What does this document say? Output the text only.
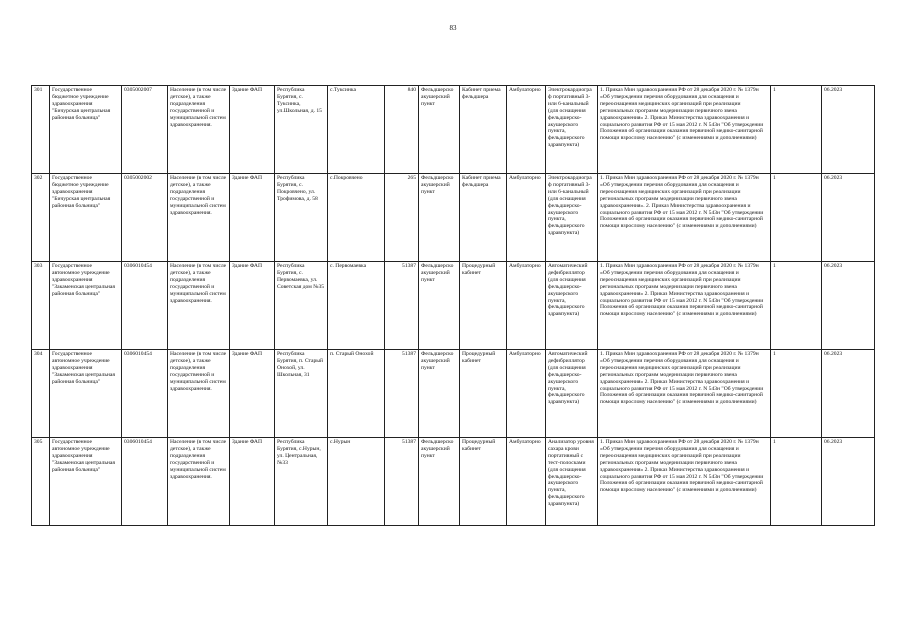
83
301	Государственное бюджетное учреждение здравоохранения "Бичурская центральная районная больница"	0305002007	Население (в том числе детское), а также подразделения государственной и муниципальной систем здравоохранения.	Здание ФАП	Республика Бурятия, с. Туксинка, ул.Школьная, д. 15	с.Туксинка	840	Фельдшерско акушерский пункт	Кабинет приема фельдшера	Амбулаторно	Электрокардиограф портативный 3- или 6-канальный (для оснащения фельдшерско-акушерского пункта, фельдшерского здравпункта)	1. Приказ Мин здравоохранения РФ от 28 декабря 2020 г. № 1379н «Об утверждении перечня оборудования для оснащения и переоснащения медицинских организаций при реализации региональных программ модернизации первичного звена здравоохранения» 2. Приказ Министерства здравоохранения и социального развития РФ от 15 мая 2012 г. N 543н "Об утверждении Положения об организации оказания первичной медико-санитарной помощи взрослому населению" (с изменениями и дополнениями)	1	06.2023
302	Государственное бюджетное учреждение здравоохранения "Бичурская центральная районная больница"	0305002002	Население (в том числе детское), а также подразделения государственной и муниципальной систем здравоохранения.	Здание ФАП	Республика Бурятия, с. Покровчено, ул. Трофимова, д. 58	с.Покровчено	265	Фельдшерско акушерский пункт	Кабинет приема фельдшера	Амбулаторно	Электрокардиограф портативный 3- или 6-канальный (для оснащения фельдшерско-акушерского пункта, фельдшерского здравпункта)	1. Приказ Мин здравоохранения РФ от 28 декабря 2020 г. № 1379н «Об утверждении перечня оборудования для оснащения и переоснащения медицинских организаций при реализации региональных программ модернизации первичного звена здравоохранения». 2. Приказ Министерства здравоохранения и социального развития РФ от 15 мая 2012 г. N 543н "Об утверждении Положения об организации оказания первичной медико-санитарной помощи взрослому населению" (с изменениями и дополнениями)	1	06.2023
303	Государственное автономное учреждение здравоохранения "Закаменская центральная районная больница"	0306010454	Население (в том числе детское), а также подразделения государственной и муниципальной систем здравоохранения.	Здание ФАП	Республика Бурятия, с. Первомаевка, ул. Советская дом №35	с. Первомаевка	51387	Фельдшерско акушерский пункт	Процедурный кабинет	Амбулаторно	Автоматический дефибриллятор (для оснащения фельдшерско-акушерского пункта, фельдшерского здравпункта)	1. Приказ Мин здравоохранения РФ от 28 декабря 2020 г. № 1379н «Об утверждении перечня оборудования для оснащения и переоснащения медицинских организаций при реализации региональных программ модернизации первичного звена здравоохранения» 2. Приказ Министерства здравоохранения и социального развития РФ от 15 мая 2012 г. N 543н "Об утверждении Положения об организации оказания первичной медико-санитарной помощи взрослому населению" (с изменениями и дополнениями)	1	06.2023
304	Государственное автономное учреждение здравоохранения "Закаменская центральная районная больница"	0306010454	Население (в том числе детское), а также подразделения государственной и муниципальной систем здравоохранения.	Здание ФАП	Республика Бурятия, п. Старый Онохой, ул. Школьная, 31	п. Старый Онохой	51387	Фельдшерско акушерский пункт	Процедурный кабинет	Амбулаторно	Автоматический дефибриллятор (для оснащения фельдшерско-акушерского пункта, фельдшерского здравпункта)	1. Приказ Мин здравоохранения РФ от 28 декабря 2020 г. № 1379н «Об утверждении перечня оборудования для оснащения и переоснащения медицинских организаций при реализации региональных программ модернизации первичного звена здравоохранения» 2. Приказ Министерства здравоохранения и социального развития РФ от 15 мая 2012 г. N 543н "Об утверждении Положения об организации оказания первичной медико-санитарной помощи взрослому населению" (с изменениями и дополнениями)	1	06.2023
305	Государственное автономное учреждение здравоохранения "Закаменская центральная районная больница"	0306010454	Население (в том числе детское), а также подразделения государственной и муниципальной систем здравоохранения.	Здание ФАП	Республика Бурятия, с.Нурын, ул. Центральная, №33	с.Нурын	51387	Фельдшерско акушерский пункт	Процедурный кабинет	Амбулаторно	Анализатор уровня сахара крови портативный с тест-полосками (для оснащения фельдшерско-акушерского пункта, фельдшерского здравпункта)	1. Приказ Мин здравоохранения РФ от 28 декабря 2020 г. № 1379н «Об утверждении перечня оборудования для оснащения и переоснащения медицинских организаций при реализации региональных программ модернизации первичного звена здравоохранения» 2. Приказ Министерства здравоохранения и социального развития РФ от 15 мая 2012 г. N 543н "Об утверждении Положения об организации оказания первичной медико-санитарной помощи взрослому населению" (с изменениями и дополнениями)	1	06.2023
